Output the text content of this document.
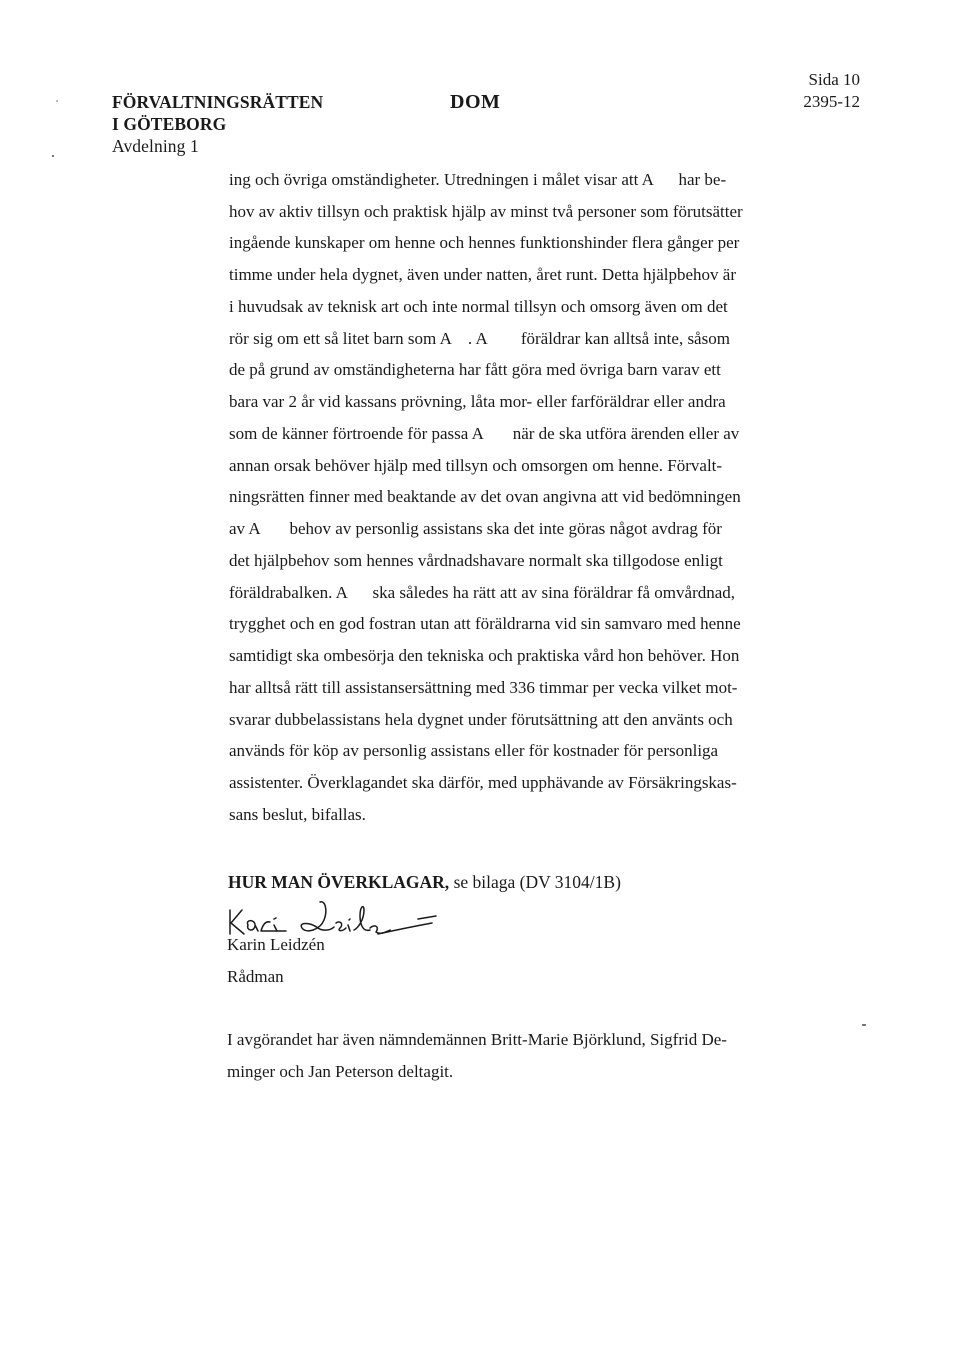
FÖRVALTNINGSRÄTTEN
I GÖTEBORG
Avdelning 1
DOM
Sida 10
2395-12
ing och övriga omständigheter. Utredningen i målet visar att A      har be-
hov av aktiv tillsyn och praktisk hjälp av minst två personer som förutsätter
ingående kunskaper om henne och hennes funktionshinder flera gånger per
timme under hela dygnet, även under natten, året runt. Detta hjälpbehov är
i huvudsak av teknisk art och inte normal tillsyn och omsorg även om det
rör sig om ett så litet barn som A    . A        föräldrar kan alltså inte, såsom
de på grund av omständigheterna har fått göra med övriga barn varav ett
bara var 2 år vid kassans prövning, låta mor- eller farföräldrar eller andra
som de känner förtroende för passa A       när de ska utföra ärenden eller av
annan orsak behöver hjälp med tillsyn och omsorgen om henne. Förvalt-
ningsrätten finner med beaktande av det ovan angivna att vid bedömningen
av A       behov av personlig assistans ska det inte göras något avdrag för
det hjälpbehov som hennes vårdnadshavare normalt ska tillgodose enligt
föräldrabalken. A      ska således ha rätt att av sina föräldrar få omvårdnad,
trygghet och en god fostran utan att föräldrarna vid sin samvaro med henne
samtidigt ska ombesörja den tekniska och praktiska vård hon behöver. Hon
har alltså rätt till assistansersättning med 336 timmar per vecka vilket mot-
svarar dubbelassistans hela dygnet under förutsättning att den använts och
används för köp av personlig assistans eller för kostnader för personliga
assistenter. Överklagandet ska därför, med upphävande av Försäkringskas-
sans beslut, bifallas.
HUR MAN ÖVERKLAGAR, se bilaga (DV 3104/1B)
Karin Leidzén
Rådman
I avgörandet har även nämndemännen Britt-Marie Björklund, Sigfrid De-
minger och Jan Peterson deltagit.
